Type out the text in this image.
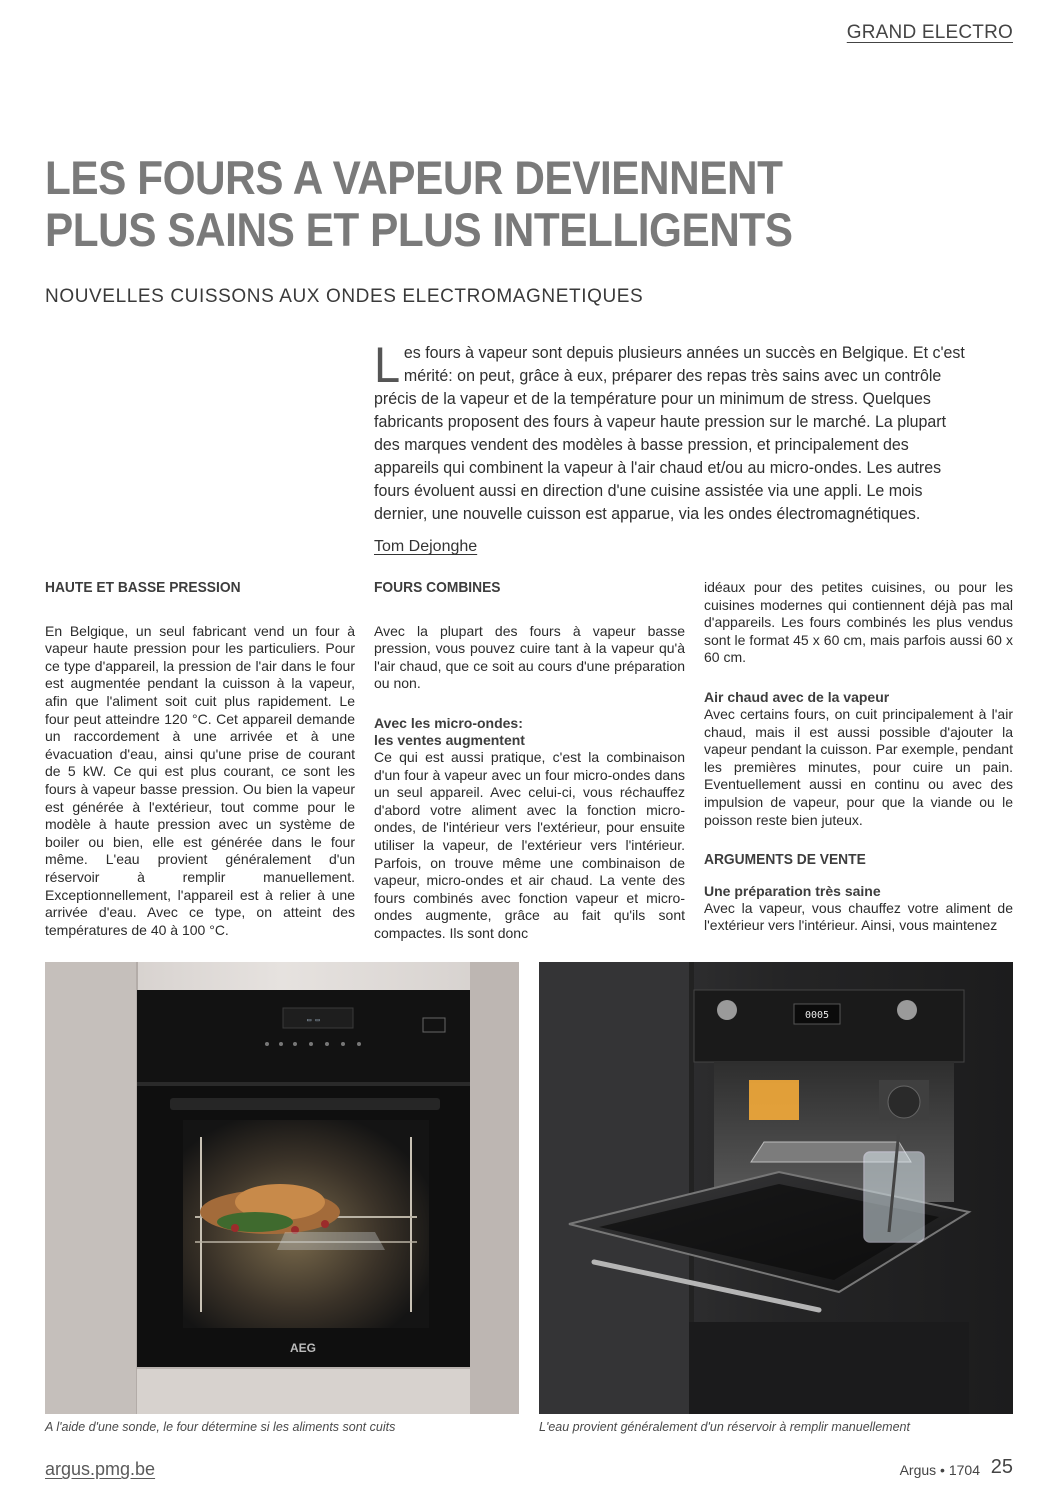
GRAND ELECTRO
LES FOURS A VAPEUR DEVIENNENT
PLUS SAINS ET PLUS INTELLIGENTS
NOUVELLES CUISSONS AUX ONDES ELECTROMAGNETIQUES
Les fours à vapeur sont depuis plusieurs années un succès en Belgique. Et c'est mérité: on peut, grâce à eux, préparer des repas très sains avec un contrôle précis de la vapeur et de la température pour un minimum de stress. Quelques fabricants proposent des fours à vapeur haute pression sur le marché. La plupart des marques vendent des modèles à basse pression, et principalement des appareils qui combinent la vapeur à l'air chaud et/ou au micro-ondes. Les autres fours évoluent aussi en direction d'une cuisine assistée via une appli. Le mois dernier, une nouvelle cuisson est apparue, via les ondes électromagnétiques.
Tom Dejonghe
HAUTE ET BASSE PRESSION

En Belgique, un seul fabricant vend un four à vapeur haute pression pour les particuliers. Pour ce type d'appareil, la pression de l'air dans le four est augmentée pendant la cuisson à la vapeur, afin que l'aliment soit cuit plus rapidement. Le four peut atteindre 120 °C. Cet appareil demande un raccordement à une arrivée et à une évacuation d'eau, ainsi qu'une prise de courant de 5 kW. Ce qui est plus courant, ce sont les fours à vapeur basse pression. Ou bien la vapeur est générée à l'extérieur, tout comme pour le modèle à haute pression avec un système de boiler ou bien, elle est générée dans le four même. L'eau provient généralement d'un réservoir à remplir manuellement. Exceptionnellement, l'appareil est à relier à une arrivée d'eau. Avec ce type, on atteint des températures de 40 à 100 °C.

FOURS COMBINES

Avec la plupart des fours à vapeur basse pression, vous pouvez cuire tant à la vapeur qu'à l'air chaud, que ce soit au cours d'une préparation ou non.

Avec les micro-ondes:
les ventes augmentent

Ce qui est aussi pratique, c'est la combinaison d'un four à vapeur avec un four micro-ondes dans un seul appareil. Avec celui-ci, vous réchauffez d'abord votre aliment avec la fonction micro-ondes, de l'intérieur vers l'extérieur, pour ensuite utiliser la vapeur, de l'extérieur vers l'intérieur. Parfois, on trouve même une combinaison de vapeur, micro-ondes et air chaud. La vente des fours combinés avec fonction vapeur et micro-ondes augmente, grâce au fait qu'ils sont compactes. Ils sont donc

idéaux pour des petites cuisines, ou pour les cuisines modernes qui contiennent déjà pas mal d'appareils. Les fours combinés les plus vendus sont le format 45 x 60 cm, mais parfois aussi 60 x 60 cm.

Air chaud avec de la vapeur

Avec certains fours, on cuit principalement à l'air chaud, mais il est aussi possible d'ajouter la vapeur pendant la cuisson. Par exemple, pendant les premières minutes, pour cuire un pain. Eventuellement aussi en continu ou avec des impulsion de vapeur, pour que la viande ou le poisson reste bien juteux.

ARGUMENTS DE VENTE
Une préparation très saine

Avec la vapeur, vous chauffez votre aliment de l'extérieur vers l'intérieur. Ainsi, vous maintenez

▭ ▭
AEG
0005
A l'aide d'une sonde, le four détermine si les aliments sont cuits	L'eau provient généralement d'un réservoir à remplir manuellement
argus.pmg.be	Argus • 1704 25
